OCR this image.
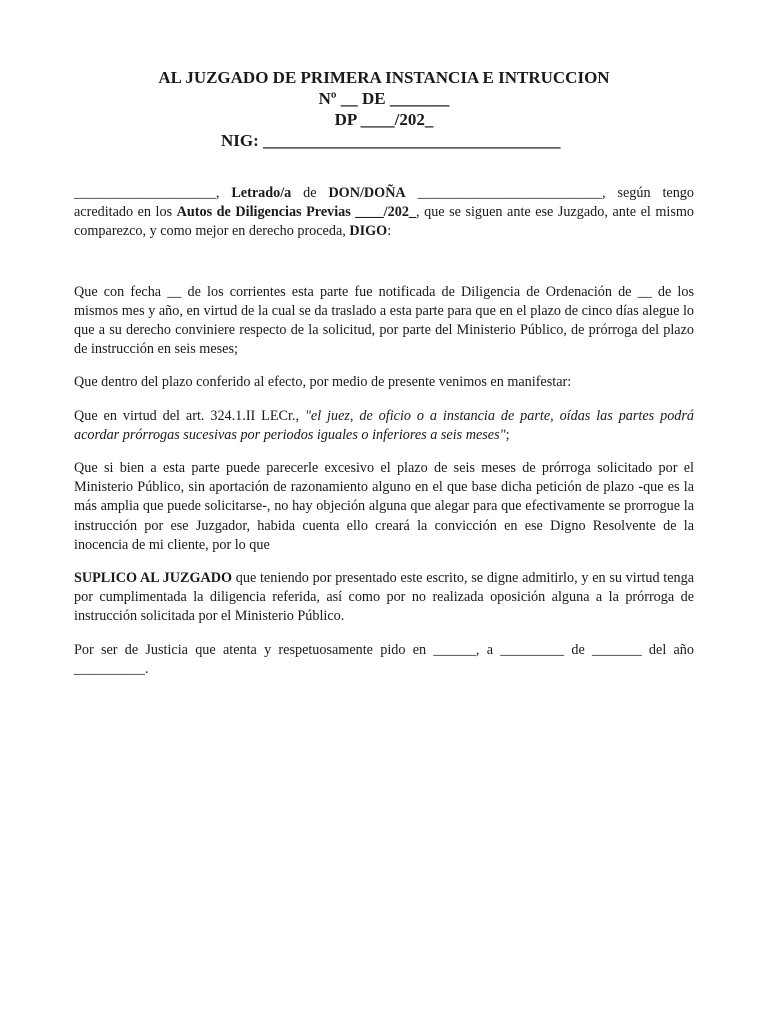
AL JUZGADO DE PRIMERA INSTANCIA E INTRUCCION
Nº __ DE _______
DP ____/202_
NIG: ___________________________________

____________________, Letrado/a de DON/DOÑA __________________________, según tengo acreditado en los Autos de Diligencias Previas ____/202_, que se siguen ante ese Juzgado, ante el mismo comparezco, y como mejor en derecho proceda, DIGO:

Que con fecha __ de los corrientes esta parte fue notificada de Diligencia de Ordenación de __ de los mismos mes y año, en virtud de la cual se da traslado a esta parte para que en el plazo de cinco días alegue lo que a su derecho conviniere respecto de la solicitud, por parte del Ministerio Público, de prórroga del plazo de instrucción en seis meses;

Que dentro del plazo conferido al efecto, por medio de presente venimos en manifestar:

Que en virtud del art. 324.1.II LECr., "el juez, de oficio o a instancia de parte, oídas las partes podrá acordar prórrogas sucesivas por periodos iguales o inferiores a seis meses";

Que si bien a esta parte puede parecerle excesivo el plazo de seis meses de prórroga solicitado por el Ministerio Público, sin aportación de razonamiento alguno en el que base dicha petición de plazo -que es la más amplia que puede solicitarse-, no hay objeción alguna que alegar para que efectivamente se prorrogue la instrucción por ese Juzgador, habida cuenta ello creará la convicción en ese Digno Resolvente de la inocencia de mi cliente, por lo que

SUPLICO AL JUZGADO que teniendo por presentado este escrito, se digne admitirlo, y en su virtud tenga por cumplimentada la diligencia referida, así como por no realizada oposición alguna a la prórroga de instrucción solicitada por el Ministerio Público.

Por ser de Justicia que atenta y respetuosamente pido en ______, a _________ de _______ del año __________.
